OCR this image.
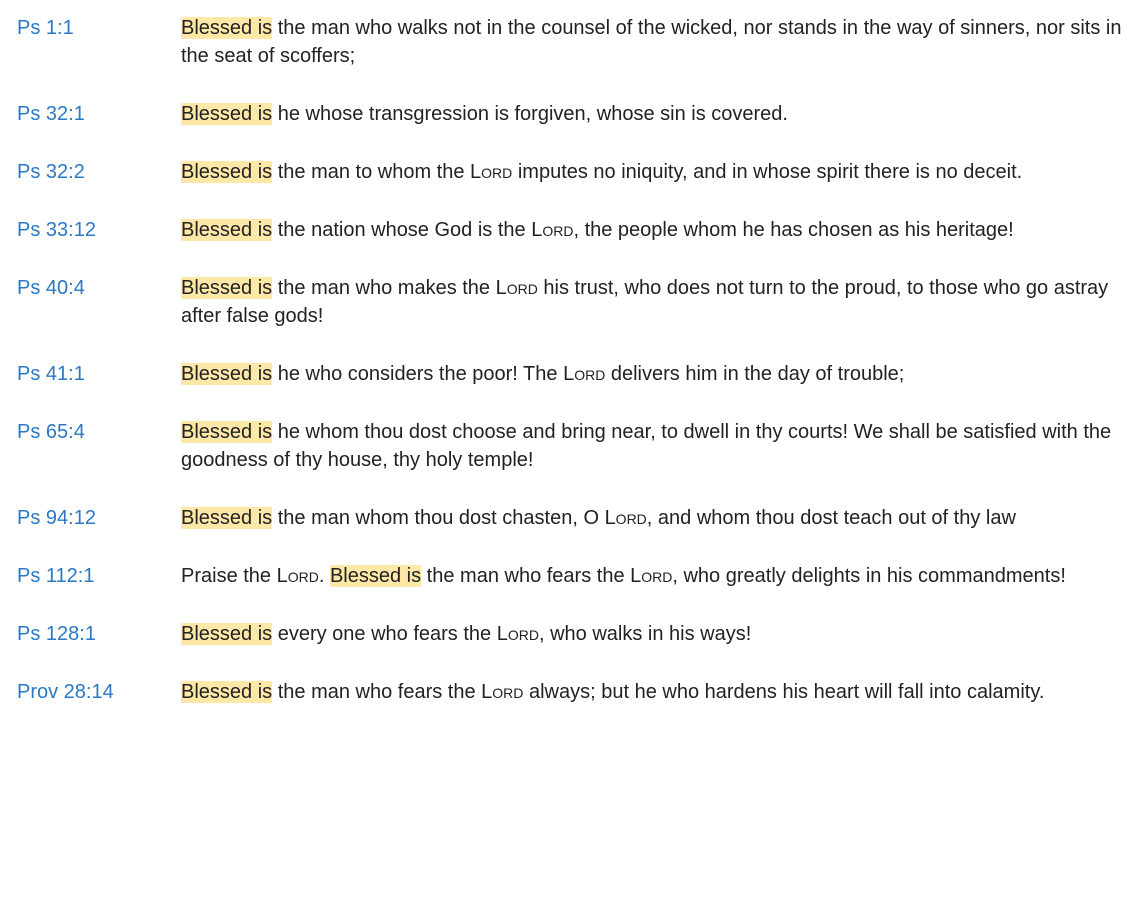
Ps 1:1	Blessed is the man who walks not in the counsel of the wicked, nor stands in the way of sinners, nor sits in the seat of scoffers;
Ps 32:1	Blessed is he whose transgression is forgiven, whose sin is covered.
Ps 32:2	Blessed is the man to whom the Lord imputes no iniquity, and in whose spirit there is no deceit.
Ps 33:12	Blessed is the nation whose God is the Lord, the people whom he has chosen as his heritage!
Ps 40:4	Blessed is the man who makes the Lord his trust, who does not turn to the proud, to those who go astray after false gods!
Ps 41:1	Blessed is he who considers the poor! The Lord delivers him in the day of trouble;
Ps 65:4	Blessed is he whom thou dost choose and bring near, to dwell in thy courts! We shall be satisfied with the goodness of thy house, thy holy temple!
Ps 94:12	Blessed is the man whom thou dost chasten, O Lord, and whom thou dost teach out of thy law
Ps 112:1	Praise the Lord. Blessed is the man who fears the Lord, who greatly delights in his commandments!
Ps 128:1	Blessed is every one who fears the Lord, who walks in his ways!
Prov 28:14	Blessed is the man who fears the Lord always; but he who hardens his heart will fall into calamity.
